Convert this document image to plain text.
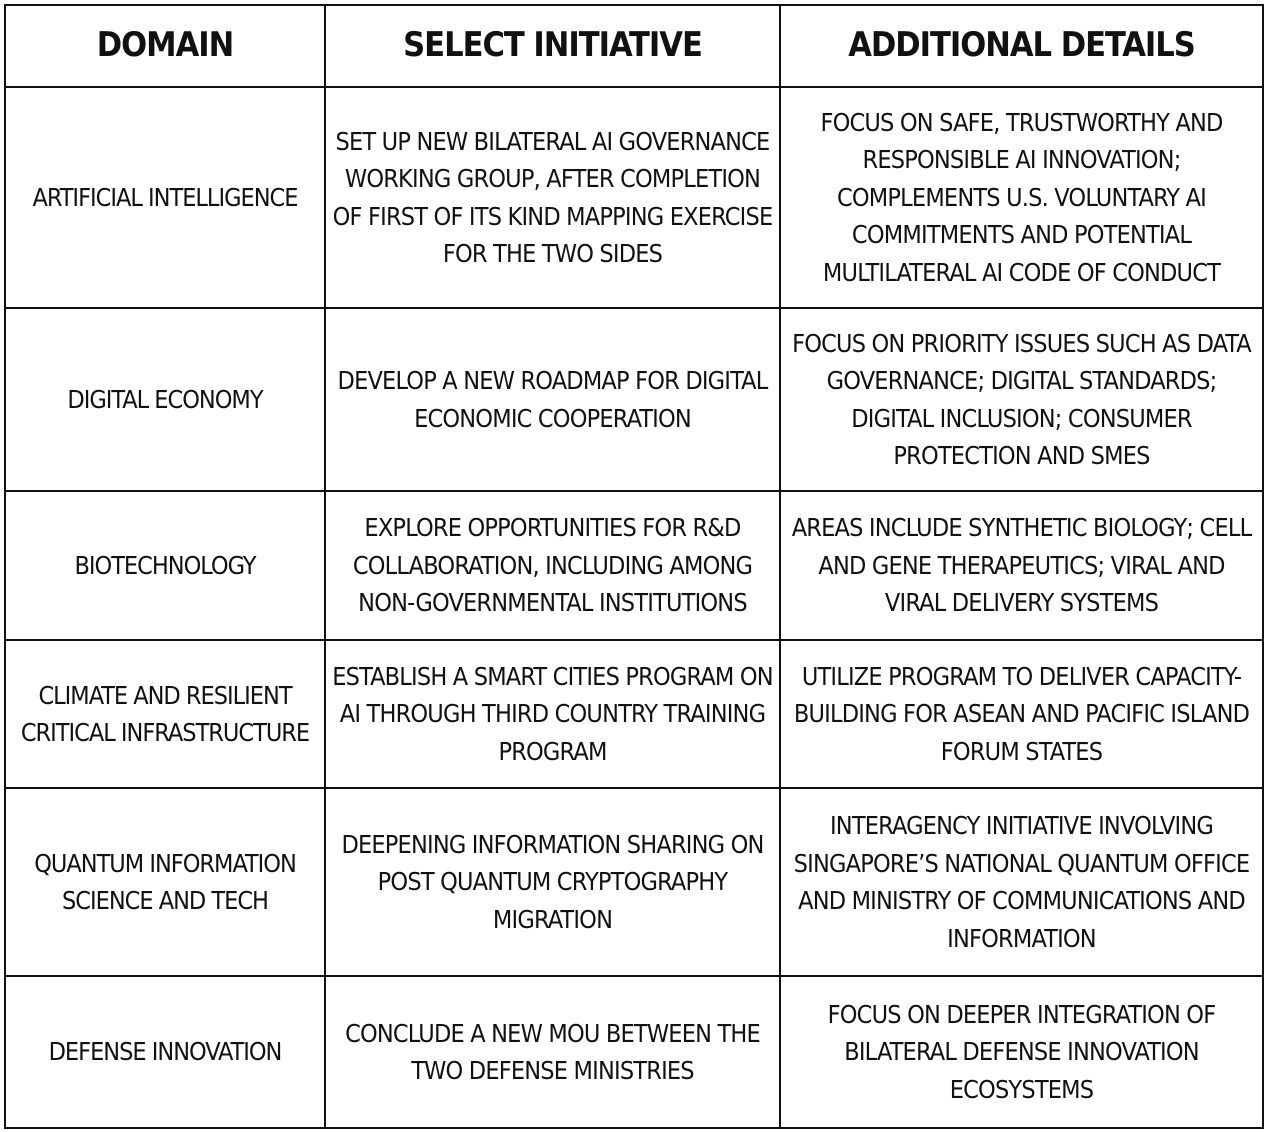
DOMAIN	SELECT INITIATIVE	ADDITIONAL DETAILS
ARTIFICIAL INTELLIGENCE	SET UP NEW BILATERAL AI GOVERNANCE WORKING GROUP, AFTER COMPLETION OF FIRST OF ITS KIND MAPPING EXERCISE FOR THE TWO SIDES	FOCUS ON SAFE, TRUSTWORTHY AND RESPONSIBLE AI INNOVATION; COMPLEMENTS U.S. VOLUNTARY AI COMMITMENTS AND POTENTIAL MULTILATERAL AI CODE OF CONDUCT
DIGITAL ECONOMY	DEVELOP A NEW ROADMAP FOR DIGITAL ECONOMIC COOPERATION	FOCUS ON PRIORITY ISSUES SUCH AS DATA GOVERNANCE; DIGITAL STANDARDS; DIGITAL INCLUSION; CONSUMER PROTECTION AND SMES
BIOTECHNOLOGY	EXPLORE OPPORTUNITIES FOR R&D COLLABORATION, INCLUDING AMONG NON-GOVERNMENTAL INSTITUTIONS	AREAS INCLUDE SYNTHETIC BIOLOGY; CELL AND GENE THERAPEUTICS; VIRAL AND VIRAL DELIVERY SYSTEMS
CLIMATE AND RESILIENT CRITICAL INFRASTRUCTURE	ESTABLISH A SMART CITIES PROGRAM ON AI THROUGH THIRD COUNTRY TRAINING PROGRAM	UTILIZE PROGRAM TO DELIVER CAPACITY-BUILDING FOR ASEAN AND PACIFIC ISLAND FORUM STATES
QUANTUM INFORMATION SCIENCE AND TECH	DEEPENING INFORMATION SHARING ON POST QUANTUM CRYPTOGRAPHY MIGRATION	INTERAGENCY INITIATIVE INVOLVING SINGAPORE’S NATIONAL QUANTUM OFFICE AND MINISTRY OF COMMUNICATIONS AND INFORMATION
DEFENSE INNOVATION	CONCLUDE A NEW MOU BETWEEN THE TWO DEFENSE MINISTRIES	FOCUS ON DEEPER INTEGRATION OF BILATERAL DEFENSE INNOVATION ECOSYSTEMS
